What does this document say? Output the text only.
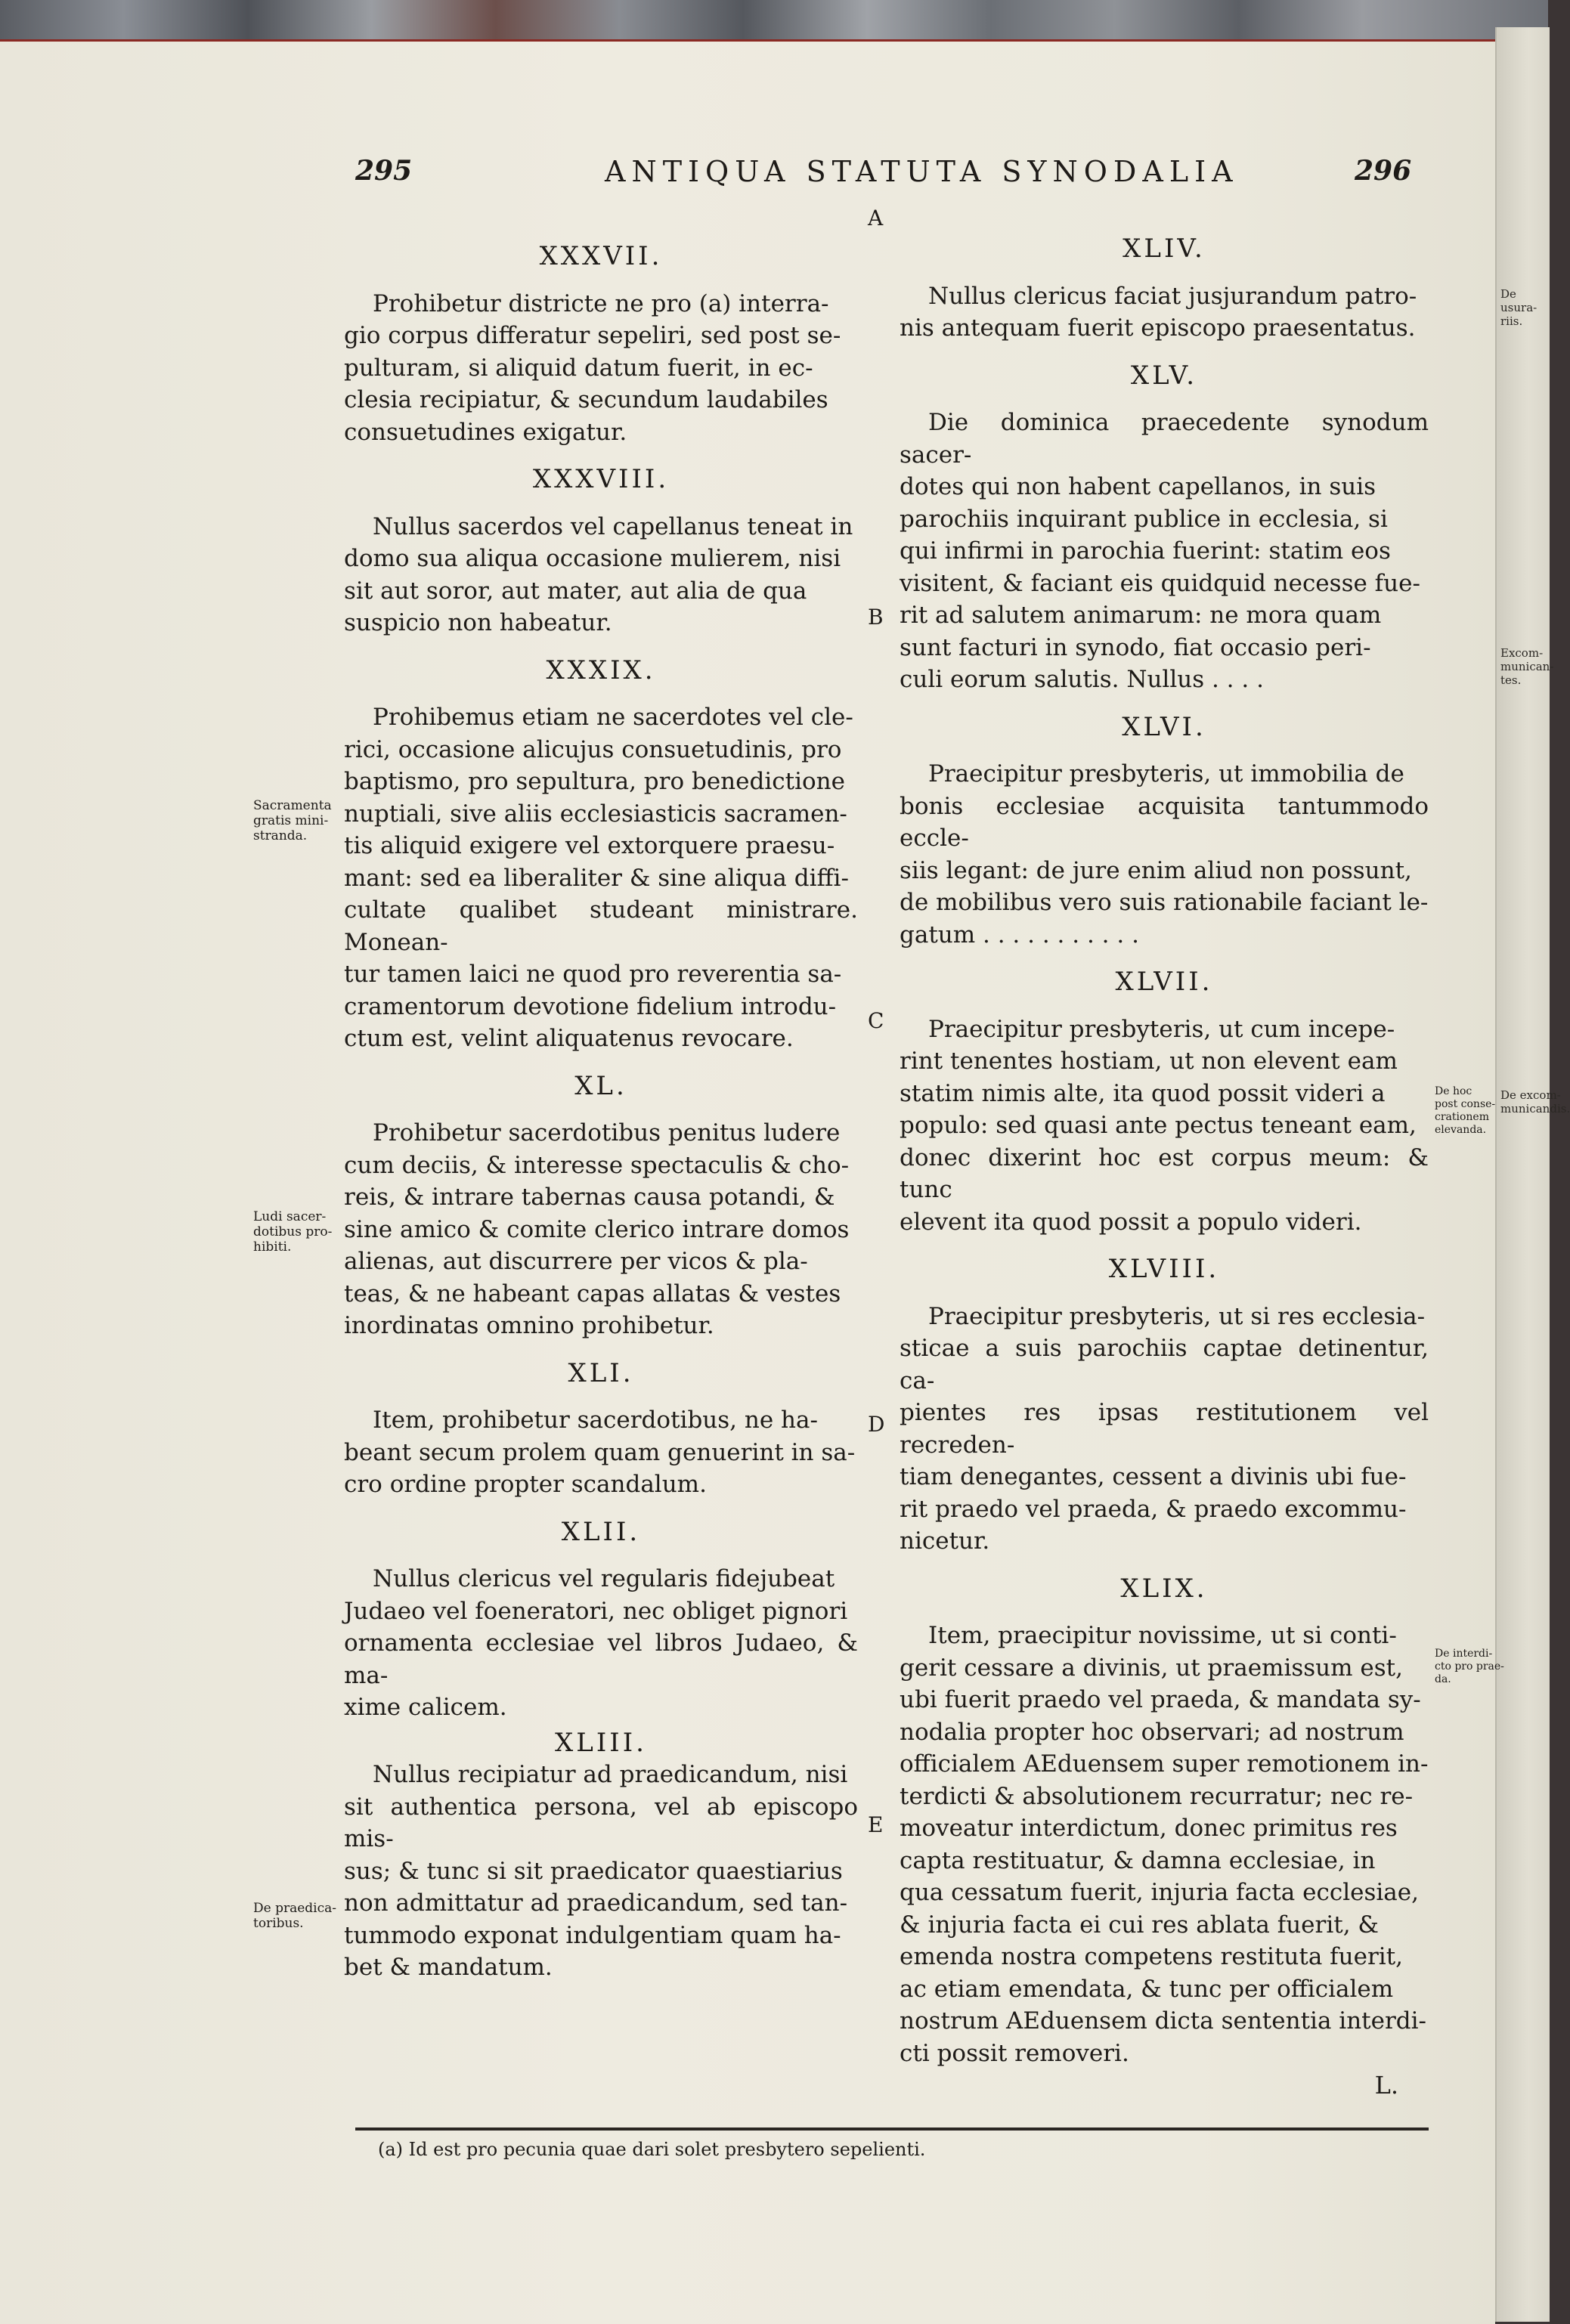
295	ANTIQUA STATUTA SYNODALIA	296
A
B
C
D
E
XXXVII.
Prohibetur districte ne pro (a) interra-
gio corpus differatur sepeliri, sed post se-
pulturam, si aliquid datum fuerit, in ec-
clesia recipiatur, & secundum laudabiles
consuetudines exigatur.
XXXVIII.
Nullus sacerdos vel capellanus teneat in
domo sua aliqua occasione mulierem, nisi
sit aut soror, aut mater, aut alia de qua
suspicio non habeatur.
XXXIX.
Prohibemus etiam ne sacerdotes vel cle-
rici, occasione alicujus consuetudinis, pro
baptismo, pro sepultura, pro benedictione
nuptiali, sive aliis ecclesiasticis sacramen-
tis aliquid exigere vel extorquere praesu-
mant: sed ea liberaliter & sine aliqua diffi-
cultate qualibet studeant ministrare. Monean-
tur tamen laici ne quod pro reverentia sa-
cramentorum devotione fidelium introdu-
ctum est, velint aliquatenus revocare.
XL.
Prohibetur sacerdotibus penitus ludere
cum deciis, & interesse spectaculis & cho-
reis, & intrare tabernas causa potandi, &
sine amico & comite clerico intrare domos
alienas, aut discurrere per vicos & pla-
teas, & ne habeant capas allatas & vestes
inordinatas omnino prohibetur.
XLI.
Item, prohibetur sacerdotibus, ne ha-
beant secum prolem quam genuerint in sa-
cro ordine propter scandalum.
XLII.
Nullus clericus vel regularis fidejubeat
Judaeo vel foeneratori, nec obliget pignori
ornamenta ecclesiae vel libros Judaeo, & ma-
xime calicem.
XLIII.
Nullus recipiatur ad praedicandum, nisi
sit authentica persona, vel ab episcopo mis-
sus; & tunc si sit praedicator quaestiarius
non admittatur ad praedicandum, sed tan-
tummodo exponat indulgentiam quam ha-
bet & mandatum.
XLIV.
Nullus clericus faciat jusjurandum patro-
nis antequam fuerit episcopo praesentatus.
XLV.
Die dominica praecedente synodum sacer-
dotes qui non habent capellanos, in suis
parochiis inquirant publice in ecclesia, si
qui infirmi in parochia fuerint: statim eos
visitent, & faciant eis quidquid necesse fue-
rit ad salutem animarum: ne mora quam
sunt facturi in synodo, fiat occasio peri-
culi eorum salutis. Nullus . . . .
XLVI.
Praecipitur presbyteris, ut immobilia de
bonis ecclesiae acquisita tantummodo eccle-
siis legant: de jure enim aliud non possunt,
de mobilibus vero suis rationabile faciant le-
gatum . . . . . . . . . . .
XLVII.
Praecipitur presbyteris, ut cum incepe-
rint tenentes hostiam, ut non elevent eam
statim nimis alte, ita quod possit videri a
populo: sed quasi ante pectus teneant eam,
donec dixerint hoc est corpus meum: & tunc
elevent ita quod possit a populo videri.
XLVIII.
Praecipitur presbyteris, ut si res ecclesia-
sticae a suis parochiis captae detinentur, ca-
pientes res ipsas restitutionem vel recreden-
tiam denegantes, cessent a divinis ubi fue-
rit praedo vel praeda, & praedo excommu-
nicetur.
XLIX.
Item, praecipitur novissime, ut si conti-
gerit cessare a divinis, ut praemissum est,
ubi fuerit praedo vel praeda, & mandata sy-
nodalia propter hoc observari; ad nostrum
officialem AEduensem super remotionem in-
terdicti & absolutionem recurratur; nec re-
moveatur interdictum, donec primitus res
capta restituatur, & damna ecclesiae, in
qua cessatum fuerit, injuria facta ecclesiae,
& injuria facta ei cui res ablata fuerit, &
emenda nostra competens restituta fuerit,
ac etiam emendata, & tunc per officialem
nostrum AEduensem dicta sententia interdi-
cti possit removeri.
L.
Sacramenta
gratis mini-
stranda.
Ludi sacer-
dotibus pro-
hibiti.
De praedica-
toribus.
De hoc
post conse-
crationem
elevanda.
De interdi-
cto pro prae-
da.
De usura-
riis.
Excom-
munican-
tes.
De excom-
municandis.
(a) Id est pro pecunia quae dari solet presbytero sepelienti.
